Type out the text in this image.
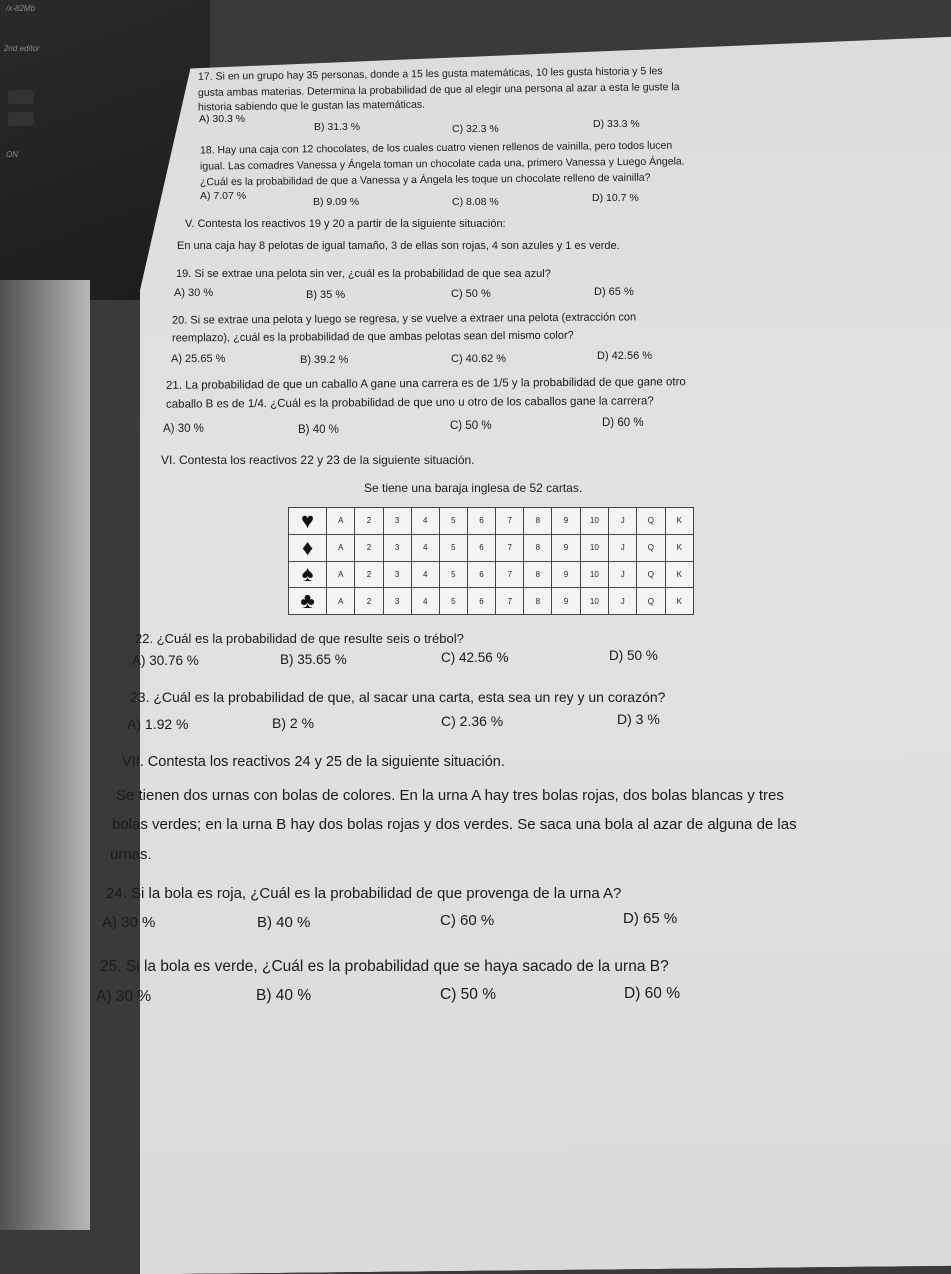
/x-82Mb
2nd editor
ON
17. Si en un grupo hay 35 personas, donde a 15 les gusta matemáticas, 10 les gusta historia y 5 les
gusta ambas materias. Determina la probabilidad de que al elegir una persona al azar a esta le guste la
historia sabiendo que le gustan las matemáticas.
A) 30.3 %
B) 31.3 %	C) 32.3 %	D) 33.3 %
18. Hay una caja con 12 chocolates, de los cuales cuatro vienen rellenos de vainilla, pero todos lucen
igual. Las comadres Vanessa y Ángela toman un chocolate cada una, primero Vanessa y Luego Ángela.
¿Cuál es la probabilidad de que a Vanessa y a Ángela les toque un chocolate relleno de vainilla?
A) 7.07 %	B) 9.09 %	C) 8.08 %	D) 10.7 %
V. Contesta los reactivos 19 y 20 a partir de la siguiente situación:
En una caja hay 8 pelotas de igual tamaño, 3 de ellas son rojas, 4 son azules y 1 es verde.
19. Si se extrae una pelota sin ver, ¿cuál es la probabilidad de que sea azul?
A) 30 %	B) 35 %	C) 50 %	D) 65 %
20. Si se extrae una pelota y luego se regresa, y se vuelve a extraer una pelota (extracción con
reemplazo), ¿cuál es la probabilidad de que ambas pelotas sean del mismo color?
A) 25.65 %	B) 39.2 %	C) 40.62 %	D) 42.56 %
21. La probabilidad de que un caballo A gane una carrera es de 1/5 y la probabilidad de que gane otro
caballo B es de 1/4. ¿Cuál es la probabilidad de que uno u otro de los caballos gane la carrera?
A) 30 %	B) 40 %	C) 50 %	D) 60 %
VI. Contesta los reactivos 22 y 23 de la siguiente situación.
Se tiene una baraja inglesa de 52 cartas.
♥	A	2	3	4	5	6	7	8	9	10	J	Q	K
♦	A	2	3	4	5	6	7	8	9	10	J	Q	K
♠	A	2	3	4	5	6	7	8	9	10	J	Q	K
♣	A	2	3	4	5	6	7	8	9	10	J	Q	K
22. ¿Cuál es la probabilidad de que resulte seis o trébol?
A) 30.76 %	B) 35.65 %	C) 42.56 %	D) 50 %
23. ¿Cuál es la probabilidad de que, al sacar una carta, esta sea un rey y un corazón?
A) 1.92 %	B) 2 %	C) 2.36 %	D) 3 %
VII. Contesta los reactivos 24 y 25 de la siguiente situación.
Se tienen dos urnas con bolas de colores. En la urna A hay tres bolas rojas, dos bolas blancas y tres
bolas verdes; en la urna B hay dos bolas rojas y dos verdes. Se saca una bola al azar de alguna de las
urnas.
24. Si la bola es roja, ¿Cuál es la probabilidad de que provenga de la urna A?
A) 30 %	B) 40 %	C) 60 %	D) 65 %
25. Si la bola es verde, ¿Cuál es la probabilidad que se haya sacado de la urna B?
A) 30 %	B) 40 %	C) 50 %	D) 60 %
